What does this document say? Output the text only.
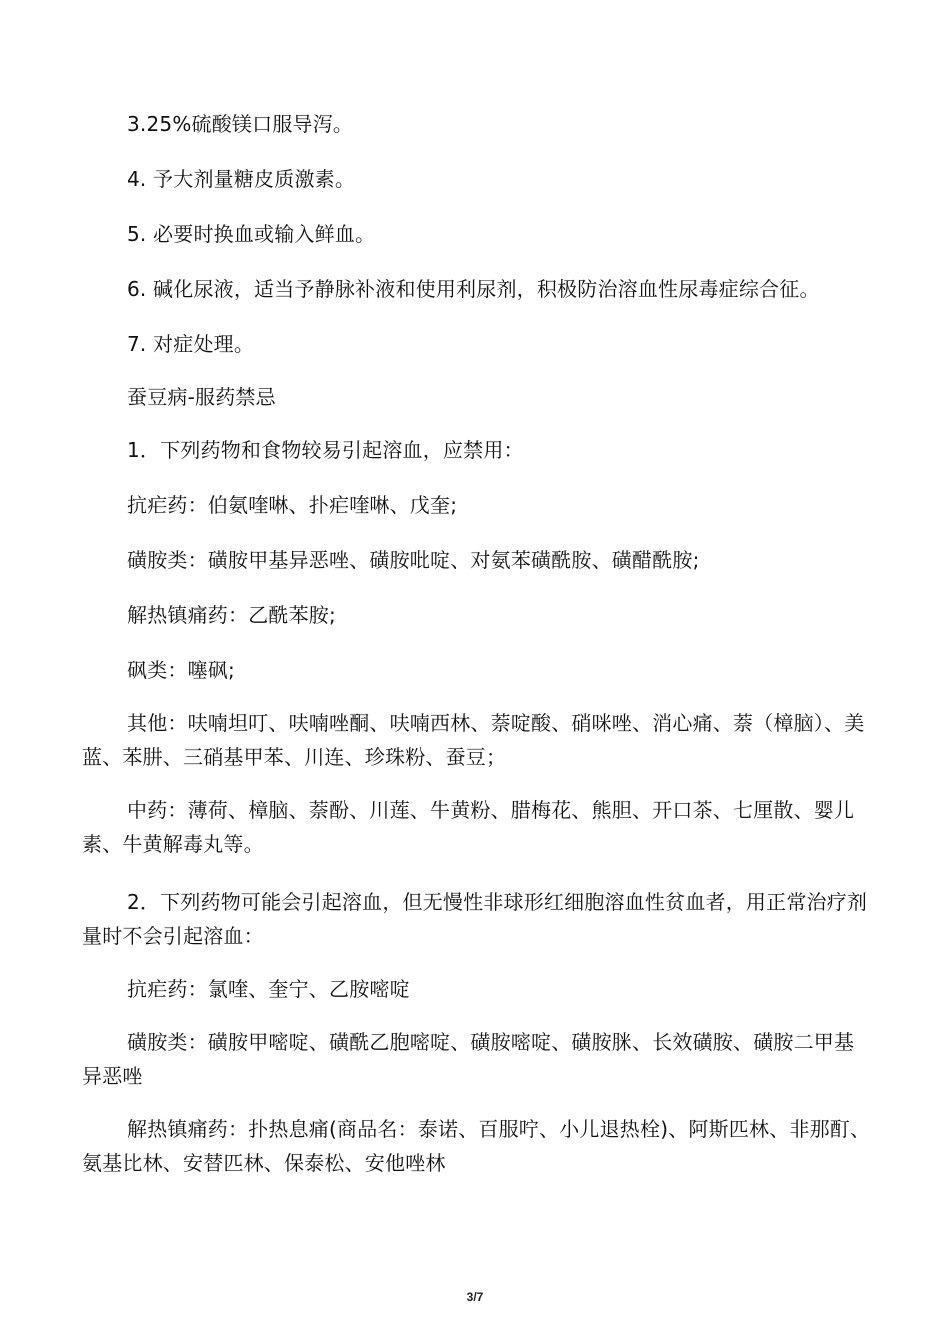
3.25%硫酸镁口服导泻。

4. 予大剂量糖皮质激素。

5. 必要时换血或输入鲜血。

6. 碱化尿液，适当予静脉补液和使用利尿剂，积极防治溶血性尿毒症综合征。

7. 对症处理。

蚕豆病-服药禁忌

1．下列药物和食物较易引起溶血，应禁用：

抗疟药：伯氨喹啉、扑疟喹啉、戊奎;

磺胺类：磺胺甲基异恶唑、磺胺吡啶、对氨苯磺酰胺、磺醋酰胺;

解热镇痛药：乙酰苯胺;

砜类：噻砜;

其他：呋喃坦叮、呋喃唑酮、呋喃西林、萘啶酸、硝咪唑、消心痛、萘（樟脑）、美蓝、苯肼、三硝基甲苯、川连、珍珠粉、蚕豆；

中药：薄荷、樟脑、萘酚、川莲、牛黄粉、腊梅花、熊胆、开口茶、七厘散、婴儿素、牛黄解毒丸等。

2．下列药物可能会引起溶血，但无慢性非球形红细胞溶血性贫血者，用正常治疗剂量时不会引起溶血：

抗疟药：氯喹、奎宁、乙胺嘧啶

磺胺类：磺胺甲嘧啶、磺酰乙胞嘧啶、磺胺嘧啶、磺胺脒、长效磺胺、磺胺二甲基异恶唑

解热镇痛药：扑热息痛(商品名：泰诺、百服咛、小儿退热栓)、阿斯匹林、非那酊、氨基比林、安替匹林、保泰松、安他唑林

3/7
